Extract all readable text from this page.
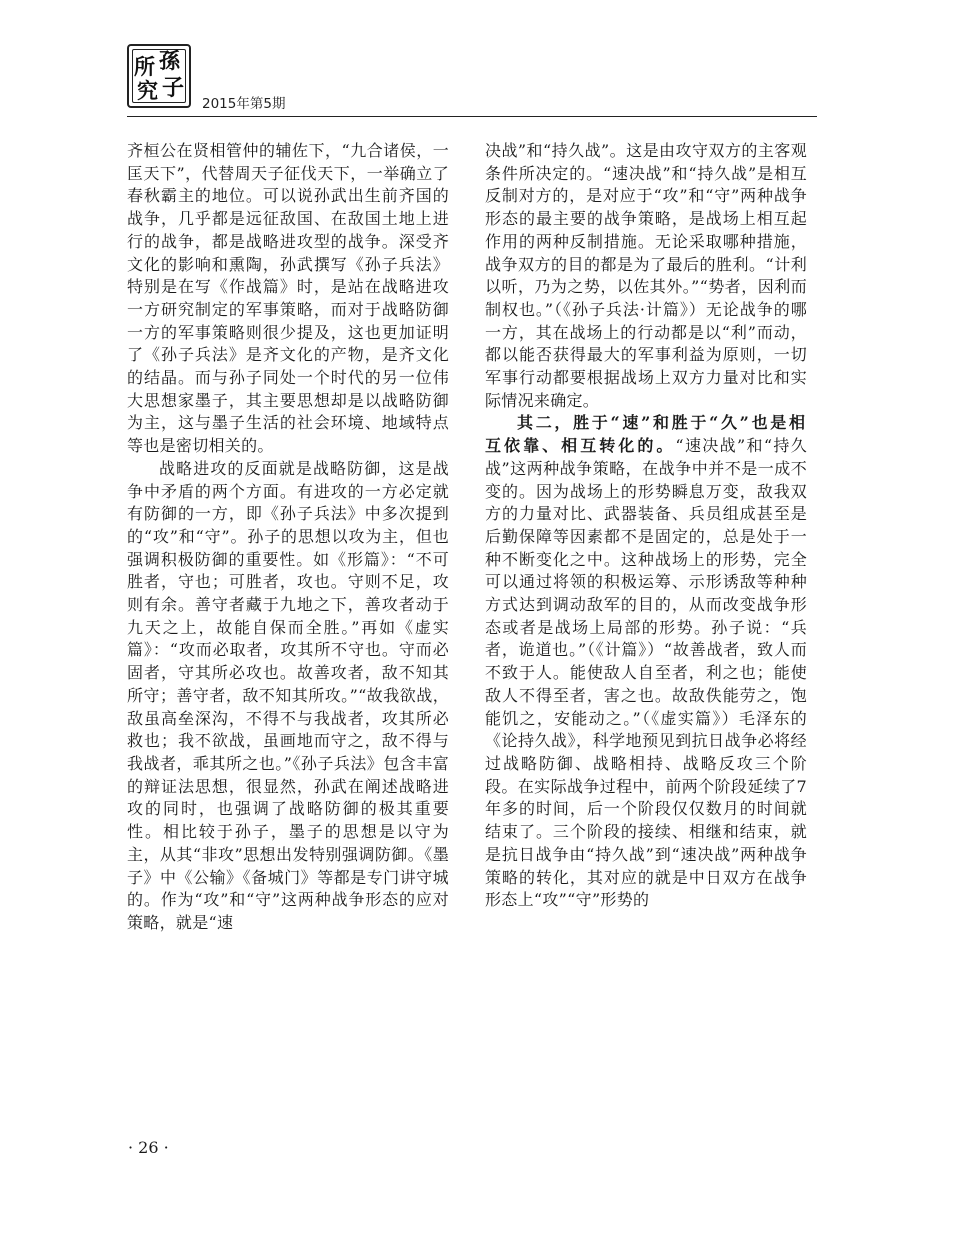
所 孫
究 子
2015年第5期

齐桓公在贤相管仲的辅佐下，“九合诸侯，一匡天下”，代替周天子征伐天下，一举确立了春秋霸主的地位。可以说孙武出生前齐国的战争，几乎都是远征敌国、在敌国土地上进行的战争，都是战略进攻型的战争。深受齐文化的影响和熏陶，孙武撰写《孙子兵法》特别是在写《作战篇》时，是站在战略进攻一方研究制定的军事策略，而对于战略防御一方的军事策略则很少提及，这也更加证明了《孙子兵法》是齐文化的产物，是齐文化的结晶。而与孙子同处一个时代的另一位伟大思想家墨子，其主要思想却是以战略防御为主，这与墨子生活的社会环境、地域特点等也是密切相关的。

战略进攻的反面就是战略防御，这是战争中矛盾的两个方面。有进攻的一方必定就有防御的一方，即《孙子兵法》中多次提到的“攻”和“守”。孙子的思想以攻为主，但也强调积极防御的重要性。如《形篇》：“不可胜者，守也；可胜者，攻也。守则不足，攻则有余。善守者藏于九地之下，善攻者动于九天之上，故能自保而全胜。”再如《虚实篇》：“攻而必取者，攻其所不守也。守而必固者，守其所必攻也。故善攻者，敌不知其所守；善守者，敌不知其所攻。”“故我欲战，敌虽高垒深沟，不得不与我战者，攻其所必救也；我不欲战，虽画地而守之，敌不得与我战者，乖其所之也。”《孙子兵法》包含丰富的辩证法思想，很显然，孙武在阐述战略进攻的同时，也强调了战略防御的极其重要性。相比较于孙子，墨子的思想是以守为主，从其“非攻”思想出发特别强调防御。《墨子》中《公输》《备城门》等都是专门讲守城的。作为“攻”和“守”这两种战争形态的应对策略，就是“速

决战”和“持久战”。这是由攻守双方的主客观条件所决定的。“速决战”和“持久战”是相互反制对方的，是对应于“攻”和“守”两种战争形态的最主要的战争策略，是战场上相互起作用的两种反制措施。无论采取哪种措施，战争双方的目的都是为了最后的胜利。“计利以听，乃为之势，以佐其外。”“势者，因利而制权也。”（《孙子兵法·计篇》）无论战争的哪一方，其在战场上的行动都是以“利”而动，都以能否获得最大的军事利益为原则，一切军事行动都要根据战场上双方力量对比和实际情况来确定。

其二，胜于“速”和胜于“久”也是相互依靠、相互转化的。“速决战”和“持久战”这两种战争策略，在战争中并不是一成不变的。因为战场上的形势瞬息万变，敌我双方的力量对比、武器装备、兵员组成甚至是后勤保障等因素都不是固定的，总是处于一种不断变化之中。这种战场上的形势，完全可以通过将领的积极运筹、示形诱敌等种种方式达到调动敌军的目的，从而改变战争形态或者是战场上局部的形势。孙子说：“兵者，诡道也。”（《计篇》）“故善战者，致人而不致于人。能使敌人自至者，利之也；能使敌人不得至者，害之也。故敌佚能劳之，饱能饥之，安能动之。”（《虚实篇》）毛泽东的《论持久战》，科学地预见到抗日战争必将经过战略防御、战略相持、战略反攻三个阶段。在实际战争过程中，前两个阶段延续了7年多的时间，后一个阶段仅仅数月的时间就结束了。三个阶段的接续、相继和结束，就是抗日战争由“持久战”到“速决战”两种战争策略的转化，其对应的就是中日双方在战争形态上“攻”“守”形势的

· 26 ·
